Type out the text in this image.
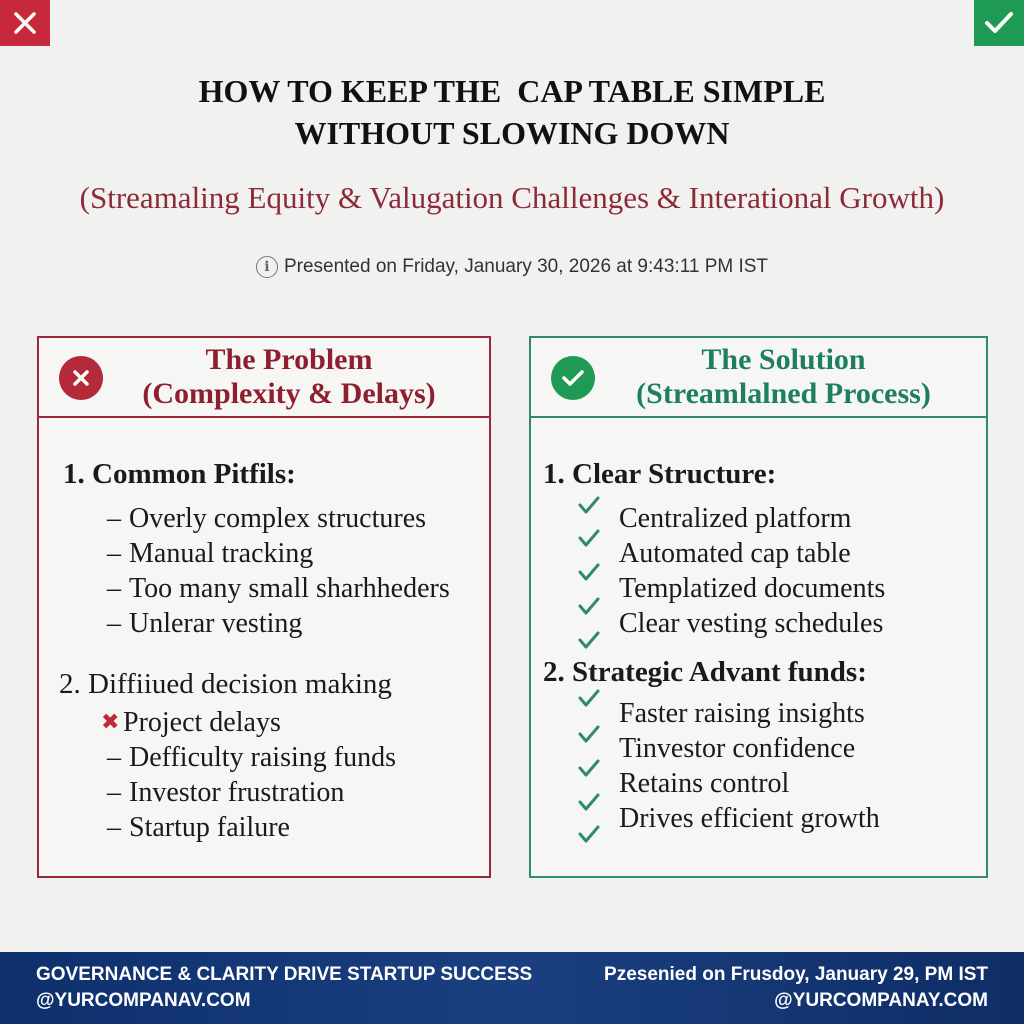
HOW TO KEEP THE  CAP TABLE SIMPLE
WITHOUT SLOWING DOWN
(Streamaling Equity & Valugation Challenges & Interational Growth)
i Presented on Friday, January 30, 2026 at 9:43:11 PM IST
The Problem
(Complexity & Delays)
1. Common Pitfils:
– Overly complex structures
– Manual tracking
– Too many small sharhheders
– Unlerar vesting
2. Diffiiued decision making
✖ Project delays
– Defficulty raising funds
– Investor frustration
– Startup failure
The Solution
(Streamlalned Process)
1. Clear Structure:
Centralized platform
Automated cap table
Templatized documents
Clear vesting schedules
2. Strategic Advant funds:
Faster raising insights
Tinvestor confidence
Retains control
Drives efficient growth
GOVERNANCE & CLARITY DRIVE STARTUP SUCCESS
@YURCOMPANAV.COM
Pzesenied on Frusdoy, January 29, PM IST
@YURCOMPANAY.COM
